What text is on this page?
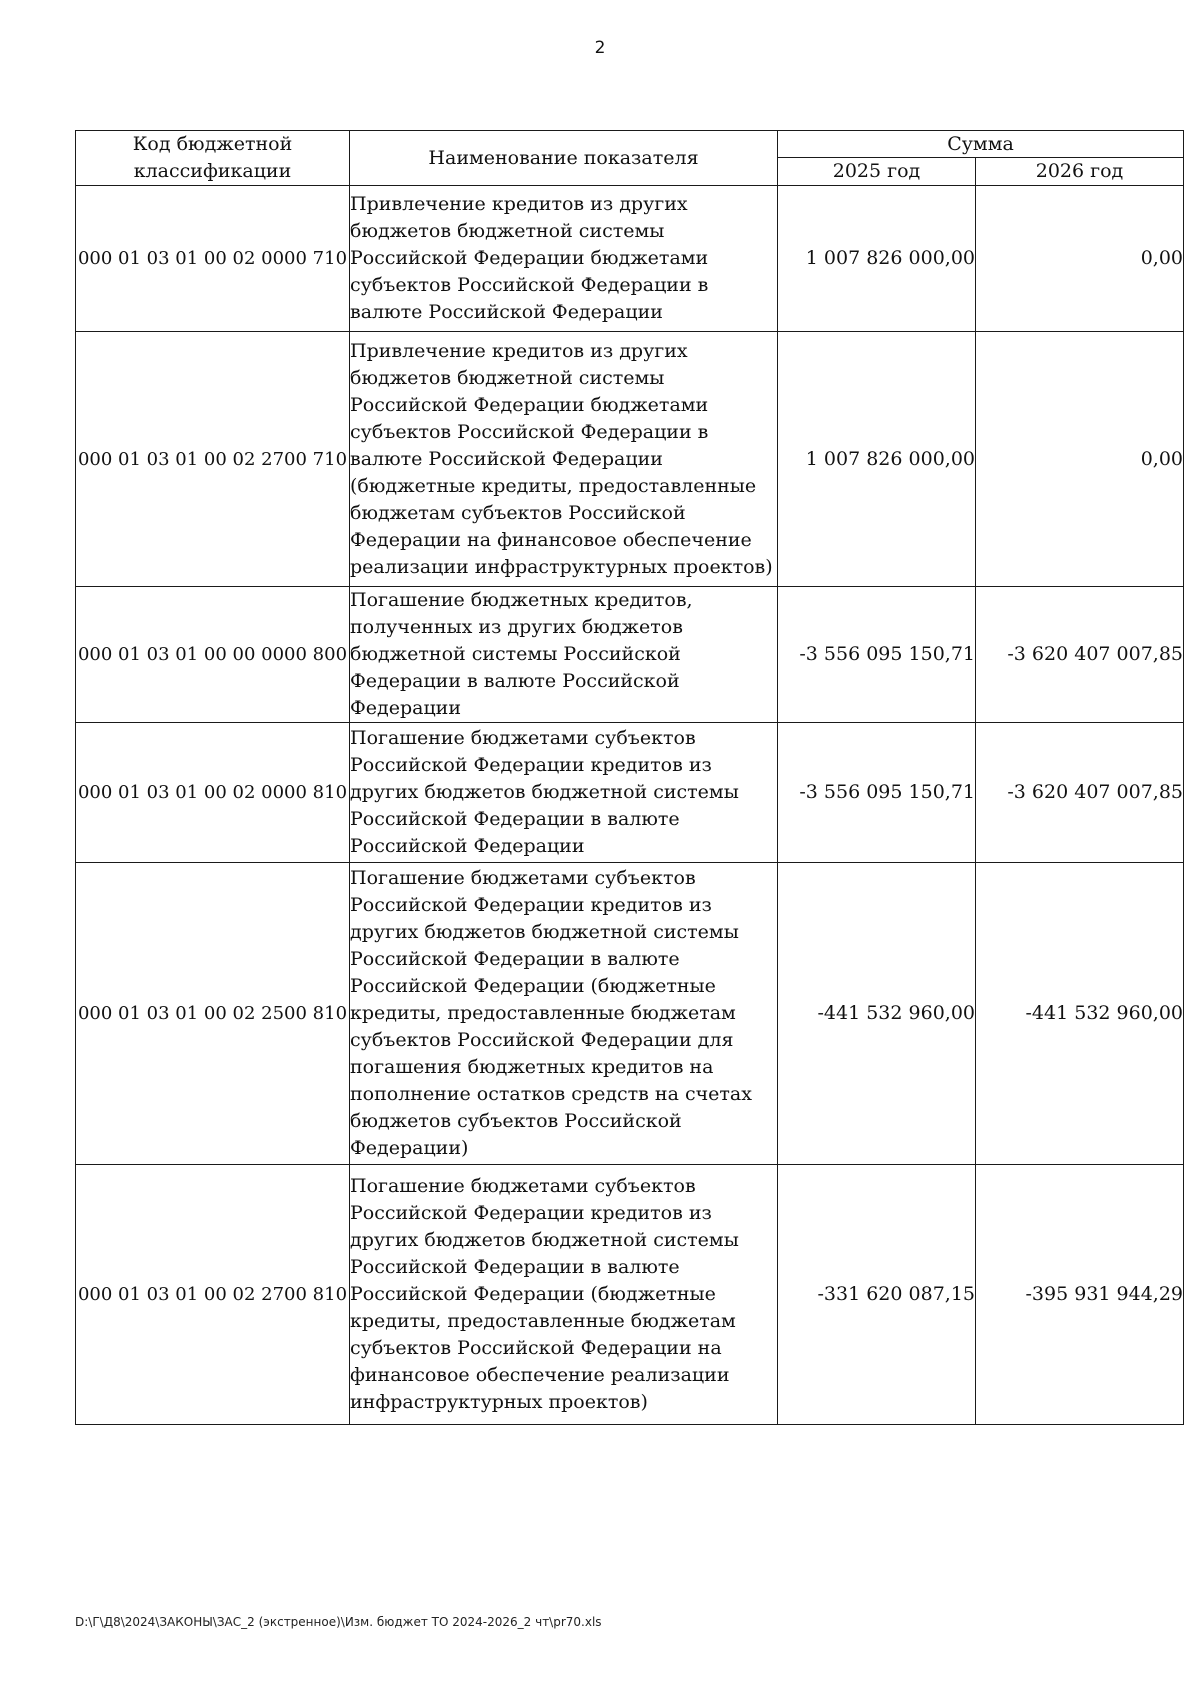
2
Код бюджетной классификации	Наименование показателя	Сумма	
		2025 год	2026 год
000 01 03 01 00 02 0000 710	Привлечение кредитов из других бюджетов бюджетной системы Российской Федерации бюджетами субъектов Российской Федерации в валюте Российской Федерации	1 007 826 000,00	0,00
000 01 03 01 00 02 2700 710	Привлечение кредитов из других бюджетов бюджетной системы Российской Федерации бюджетами субъектов Российской Федерации в валюте Российской Федерации (бюджетные кредиты, предоставленные бюджетам субъектов Российской Федерации на финансовое обеспечение реализации инфраструктурных проектов)	1 007 826 000,00	0,00
000 01 03 01 00 00 0000 800	Погашение бюджетных кредитов, полученных из других бюджетов бюджетной системы Российской Федерации в валюте Российской Федерации	-3 556 095 150,71	-3 620 407 007,85
000 01 03 01 00 02 0000 810	Погашение бюджетами субъектов Российской Федерации кредитов из других бюджетов бюджетной системы Российской Федерации в валюте Российской Федерации	-3 556 095 150,71	-3 620 407 007,85
000 01 03 01 00 02 2500 810	Погашение бюджетами субъектов Российской Федерации кредитов из других бюджетов бюджетной системы Российской Федерации в валюте Российской Федерации (бюджетные кредиты, предоставленные бюджетам субъектов Российской Федерации для погашения бюджетных кредитов на пополнение остатков средств на счетах бюджетов субъектов Российской Федерации)	-441 532 960,00	-441 532 960,00
000 01 03 01 00 02 2700 810	Погашение бюджетами субъектов Российской Федерации кредитов из других бюджетов бюджетной системы Российской Федерации в валюте Российской Федерации (бюджетные кредиты, предоставленные бюджетам субъектов Российской Федерации на финансовое обеспечение реализации инфраструктурных проектов)	-331 620 087,15	-395 931 944,29
D:\Г\Д8\2024\ЗАКОНЫ\ЗАС_2 (экстренное)\Изм. бюджет ТО 2024-2026_2 чт\pr70.xls
